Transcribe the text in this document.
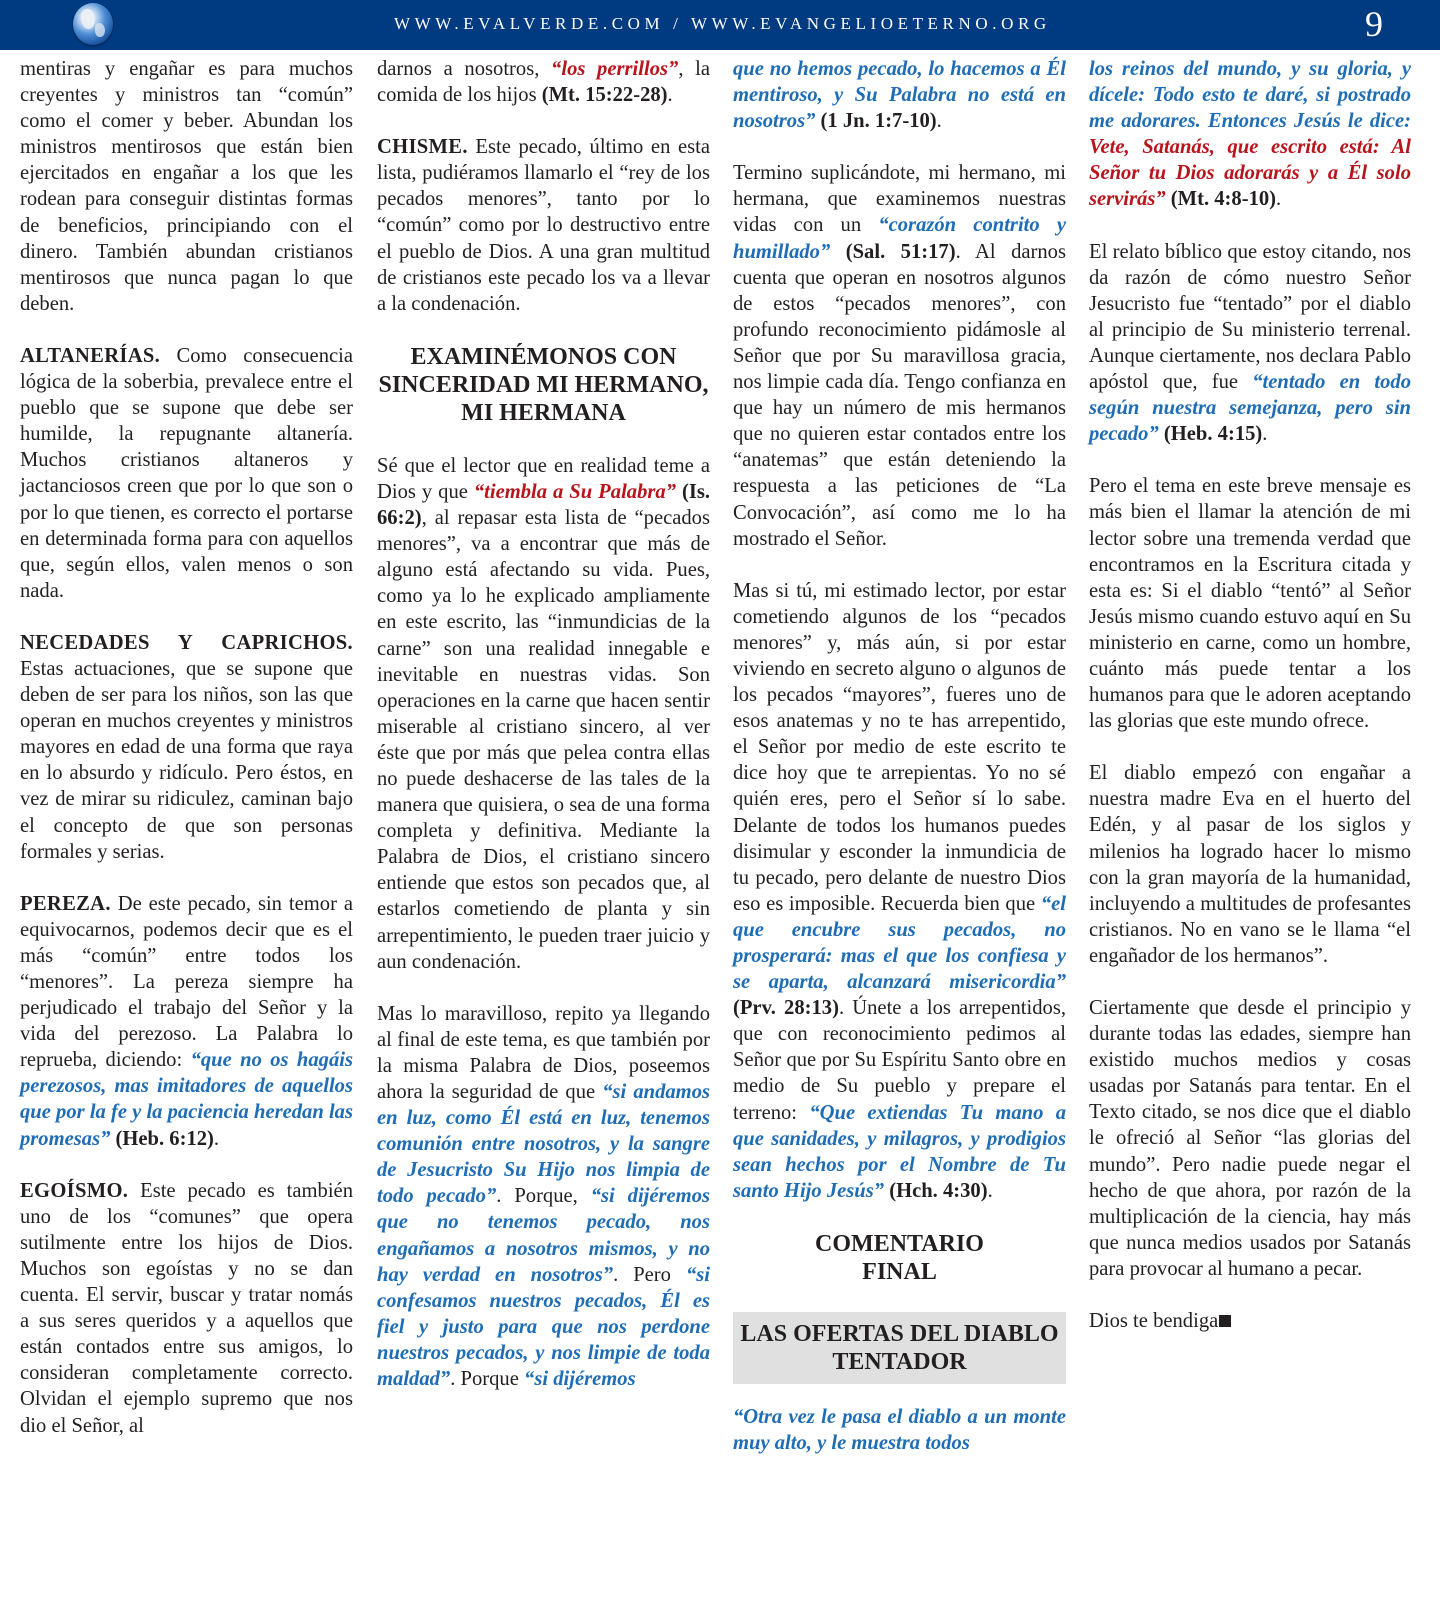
WWW.EVALVERDE.COM / WWW.EVANGELIOETERNO.ORG	9

mentiras y engañar es para muchos creyentes y ministros tan “común” como el comer y beber. Abundan los ministros mentirosos que están bien ejercitados en engañar a los que les rodean para conseguir distintas formas de beneficios, principiando con el dinero. También abundan cristianos mentirosos que nunca pagan lo que deben.

ALTANERÍAS. Como consecuencia lógica de la soberbia, prevalece entre el pueblo que se supone que debe ser humilde, la repugnante altanería. Muchos cristianos altaneros y jactanciosos creen que por lo que son o por lo que tienen, es correcto el portarse en determinada forma para con aquellos que, según ellos, valen menos o son nada.

NECEDADES Y CAPRICHOS. Estas actuaciones, que se supone que deben de ser para los niños, son las que operan en muchos creyentes y ministros mayores en edad de una forma que raya en lo absurdo y ridículo. Pero éstos, en vez de mirar su ridiculez, caminan bajo el concepto de que son personas formales y serias.

PEREZA. De este pecado, sin temor a equivocarnos, podemos decir que es el más “común” entre todos los “menores”. La pereza siempre ha perjudicado el trabajo del Señor y la vida del perezoso. La Palabra lo reprueba, diciendo: “que no os hagáis perezosos, mas imitadores de aquellos que por la fe y la paciencia heredan las promesas” (Heb. 6:12).

EGOÍSMO. Este pecado es también uno de los “comunes” que opera sutilmente entre los hijos de Dios. Muchos son egoístas y no se dan cuenta. El servir, buscar y tratar nomás a sus seres queridos y a aquellos que están contados entre sus amigos, lo consideran completamente correcto. Olvidan el ejemplo supremo que nos dio el Señor, al

darnos a nosotros, “los perrillos”, la comida de los hijos (Mt. 15:22-28).

CHISME. Este pecado, último en esta lista, pudiéramos llamarlo el “rey de los pecados menores”, tanto por lo “común” como por lo destructivo entre el pueblo de Dios. A una gran multitud de cristianos este pecado los va a llevar a la condenación.

EXAMINÉMONOS CON SINCERIDAD MI HERMANO, MI HERMANA

Sé que el lector que en realidad teme a Dios y que “tiembla a Su Palabra” (Is. 66:2), al repasar esta lista de “pecados menores”, va a encontrar que más de alguno está afectando su vida. Pues, como ya lo he explicado ampliamente en este escrito, las “inmundicias de la carne” son una realidad innegable e inevitable en nuestras vidas. Son operaciones en la carne que hacen sentir miserable al cristiano sincero, al ver éste que por más que pelea contra ellas no puede deshacerse de las tales de la manera que quisiera, o sea de una forma completa y definitiva. Mediante la Palabra de Dios, el cristiano sincero entiende que estos son pecados que, al estarlos cometiendo de planta y sin arrepentimiento, le pueden traer juicio y aun condenación.

Mas lo maravilloso, repito ya llegando al final de este tema, es que también por la misma Palabra de Dios, poseemos ahora la seguridad de que “si andamos en luz, como Él está en luz, tenemos comunión entre nosotros, y la sangre de Jesucristo Su Hijo nos limpia de todo pecado”. Porque, “si dijéremos que no tenemos pecado, nos engañamos a nosotros mismos, y no hay verdad en nosotros”. Pero “si confesamos nuestros pecados, Él es fiel y justo para que nos perdone nuestros pecados, y nos limpie de toda maldad”. Porque “si dijéremos

que no hemos pecado, lo hacemos a Él mentiroso, y Su Palabra no está en nosotros” (1 Jn. 1:7-10).

Termino suplicándote, mi hermano, mi hermana, que examinemos nuestras vidas con un “corazón contrito y humillado” (Sal. 51:17). Al darnos cuenta que operan en nosotros algunos de estos “pecados menores”, con profundo reconocimiento pidámosle al Señor que por Su maravillosa gracia, nos limpie cada día. Tengo confianza en que hay un número de mis hermanos que no quieren estar contados entre los “anatemas” que están deteniendo la respuesta a las peticiones de “La Convocación”, así como me lo ha mostrado el Señor.

Mas si tú, mi estimado lector, por estar cometiendo algunos de los “pecados menores” y, más aún, si por estar viviendo en secreto alguno o algunos de los pecados “mayores”, fueres uno de esos anatemas y no te has arrepentido, el Señor por medio de este escrito te dice hoy que te arrepientas. Yo no sé quién eres, pero el Señor sí lo sabe. Delante de todos los humanos puedes disimular y esconder la inmundicia de tu pecado, pero delante de nuestro Dios eso es imposible. Recuerda bien que “el que encubre sus pecados, no prosperará: mas el que los confiesa y se aparta, alcanzará misericordia” (Prv. 28:13). Únete a los arrepentidos, que con reconocimiento pedimos al Señor que por Su Espíritu Santo obre en medio de Su pueblo y prepare el terreno: “Que extiendas Tu mano a que sanidades, y milagros, y prodigios sean hechos por el Nombre de Tu santo Hijo Jesús” (Hch. 4:30).

COMENTARIO FINAL
LAS OFERTAS DEL DIABLO TENTADOR

“Otra vez le pasa el diablo a un monte muy alto, y le muestra todos

los reinos del mundo, y su gloria, y dícele: Todo esto te daré, si postrado me adorares. Entonces Jesús le dice: Vete, Satanás, que escrito está: Al Señor tu Dios adorarás y a Él solo servirás” (Mt. 4:8-10).

El relato bíblico que estoy citando, nos da razón de cómo nuestro Señor Jesucristo fue “tentado” por el diablo al principio de Su ministerio terrenal. Aunque ciertamente, nos declara Pablo apóstol que, fue “tentado en todo según nuestra semejanza, pero sin pecado” (Heb. 4:15).

Pero el tema en este breve mensaje es más bien el llamar la atención de mi lector sobre una tremenda verdad que encontramos en la Escritura citada y esta es: Si el diablo “tentó” al Señor Jesús mismo cuando estuvo aquí en Su ministerio en carne, como un hombre, cuánto más puede tentar a los humanos para que le adoren aceptando las glorias que este mundo ofrece.

El diablo empezó con engañar a nuestra madre Eva en el huerto del Edén, y al pasar de los siglos y milenios ha logrado hacer lo mismo con la gran mayoría de la humanidad, incluyendo a multitudes de profesantes cristianos. No en vano se le llama “el engañador de los hermanos”.

Ciertamente que desde el principio y durante todas las edades, siempre han existido muchos medios y cosas usadas por Satanás para tentar. En el Texto citado, se nos dice que el diablo le ofreció al Señor “las glorias del mundo”. Pero nadie puede negar el hecho de que ahora, por razón de la multiplicación de la ciencia, hay más que nunca medios usados por Satanás para provocar al humano a pecar.

Dios te bendiga
